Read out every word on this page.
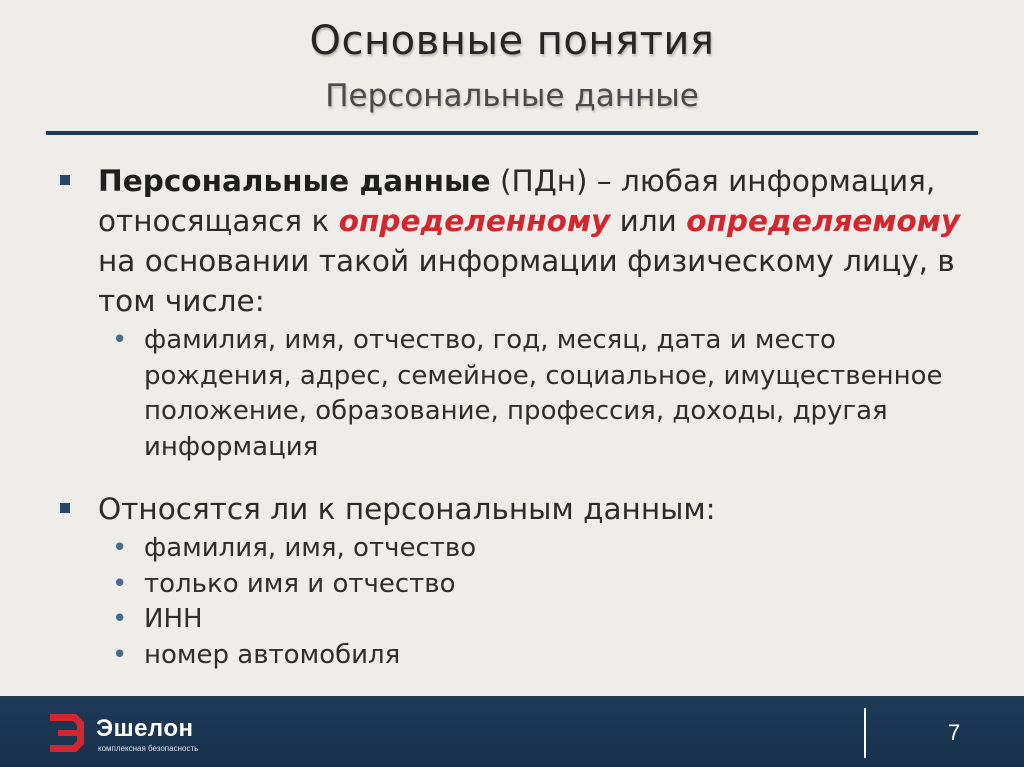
Основные понятия
Персональные данные
Персональные данные (ПДн) – любая информация, относящаяся к определенному или определяемому на основании такой информации физическому лицу, в том числе:
• фамилия, имя, отчество, год, месяц, дата и место рождения, адрес, семейное, социальное, имущественное положение, образование, профессия, доходы, другая информация
Относятся ли к персональным данным:
• фамилия, имя, отчество
• только имя и отчество
• ИНН
• номер автомобиля
Эшелон
комплексная безопасность
7
